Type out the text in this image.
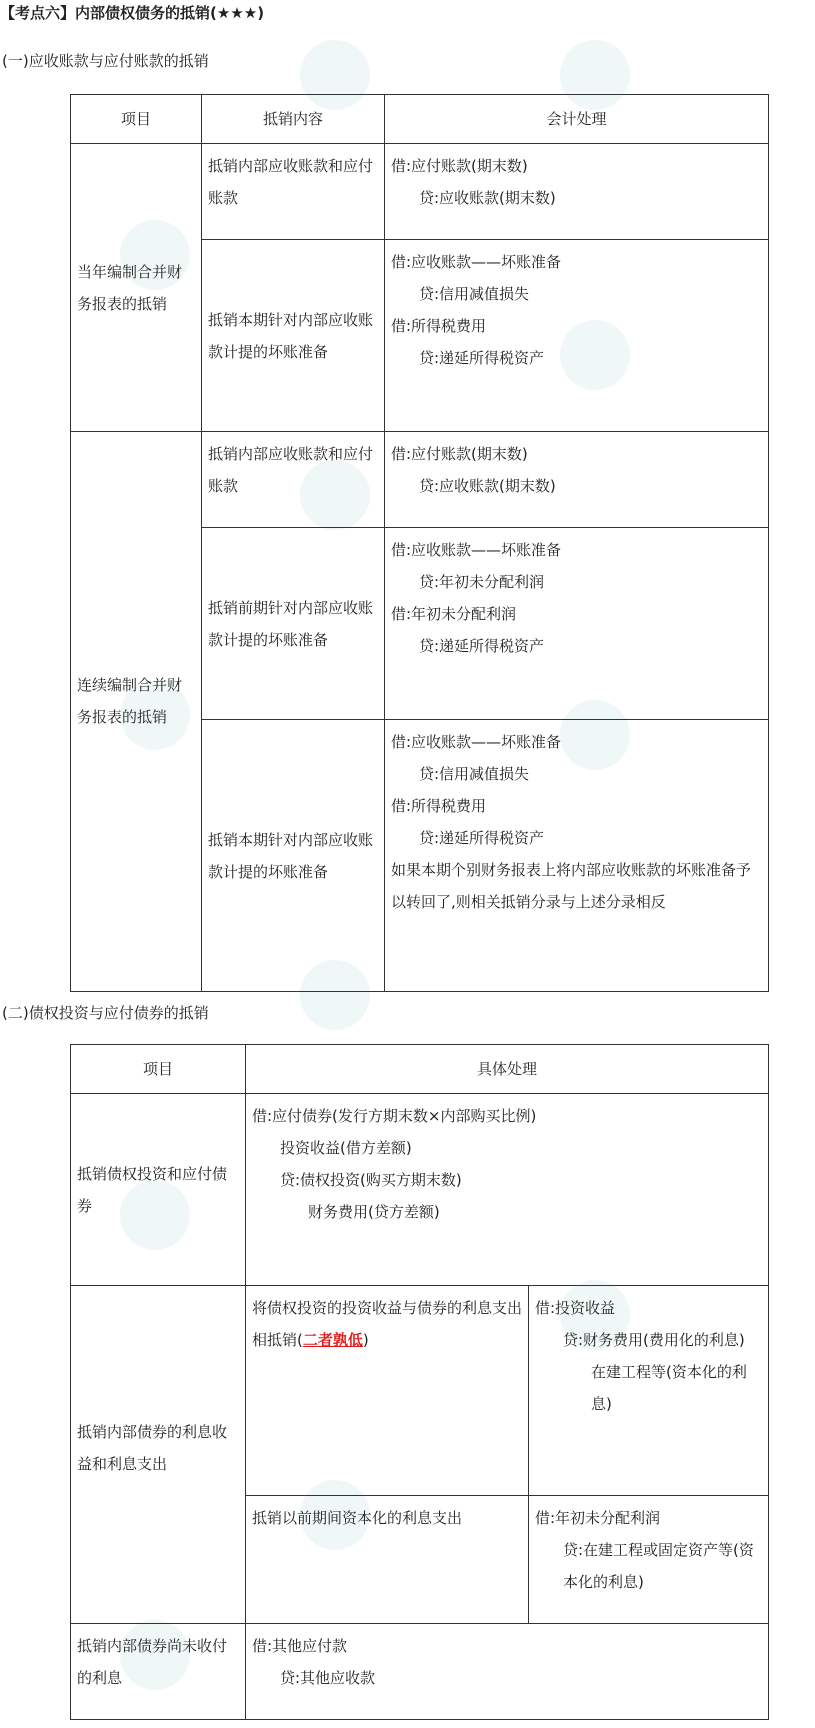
【考点六】内部债权债务的抵销(★★★)
(一)应收账款与应付账款的抵销
项目	抵销内容	会计处理
当年编制合并财务报表的抵销	抵销内部应收账款和应付账款	借:应付账款(期末数)
贷:应收账款(期末数)

	抵销本期针对内部应收账款计提的坏账准备	借:应收账款——坏账准备
贷:信用减值损失
借:所得税费用
贷:递延所得税资产

连续编制合并财务报表的抵销	抵销内部应收账款和应付账款	借:应付账款(期末数)
贷:应收账款(期末数)

	抵销前期针对内部应收账款计提的坏账准备	借:应收账款——坏账准备
贷:年初未分配利润
借:年初未分配利润
贷:递延所得税资产

	抵销本期针对内部应收账款计提的坏账准备	借:应收账款——坏账准备
贷:信用减值损失
借:所得税费用
贷:递延所得税资产
如果本期个别财务报表上将内部应收账款的坏账准备予以转回了,则相关抵销分录与上述分录相反
(二)债权投资与应付债券的抵销
项目	具体处理	
抵销债权投资和应付债券	借:应付债券(发行方期末数×内部购买比例)
投资收益(借方差额)
贷:债权投资(购买方期末数)
财务费用(贷方差额)	

抵销内部债券的利息收益和利息支出	将债权投资的投资收益与债券的利息支出相抵销(二者孰低)	借:投资收益
贷:财务费用(费用化的利息)
在建工程等(资本化的利息)

	抵销以前期间资本化的利息支出	借:年初未分配利润
贷:在建工程或固定资产等(资本化的利息)

抵销内部债券尚未收付的利息	借:其他应付款
贷:其他应收款	
